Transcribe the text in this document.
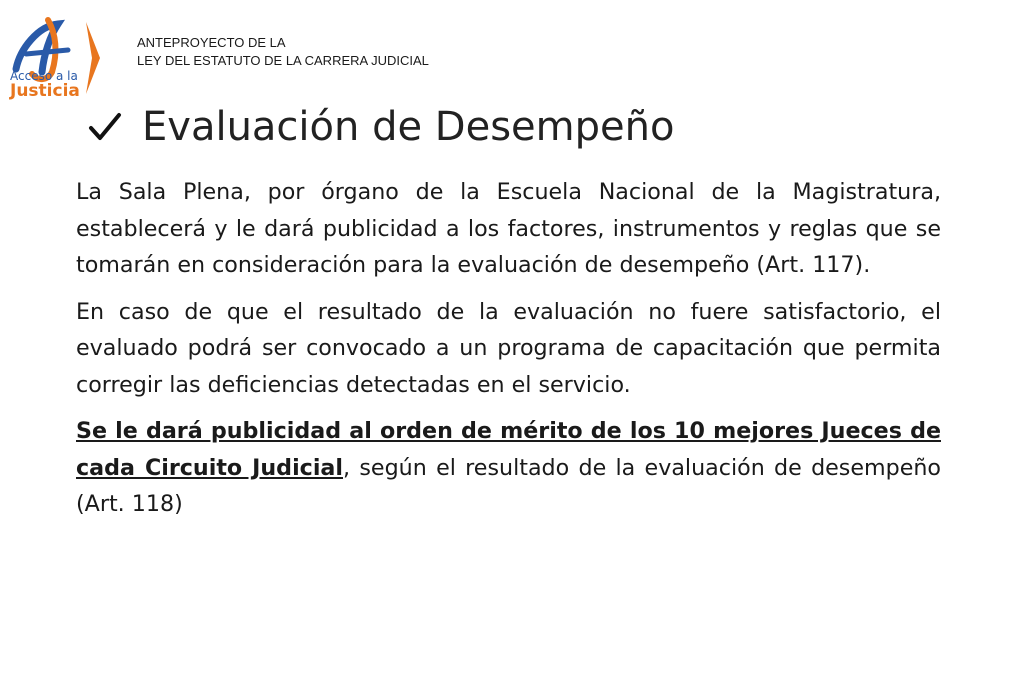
Acceso a la
Justicia
ANTEPROYECTO DE LA
LEY DEL ESTATUTO DE LA CARRERA JUDICIAL
Evaluación de Desempeño

La Sala Plena, por órgano de la Escuela Nacional de la Magistratura, establecerá y le dará publicidad a los factores, instrumentos y reglas que se tomarán en consideración para la evaluación de desempeño (Art. 117).

En caso de que el resultado de la evaluación no fuere satisfactorio, el evaluado podrá ser convocado a un programa de capacitación que permita corregir las deficiencias detectadas en el servicio.

Se le dará publicidad al orden de mérito de los 10 mejores Jueces de cada Circuito Judicial, según el resultado de la evaluación de desempeño (Art. 118)
